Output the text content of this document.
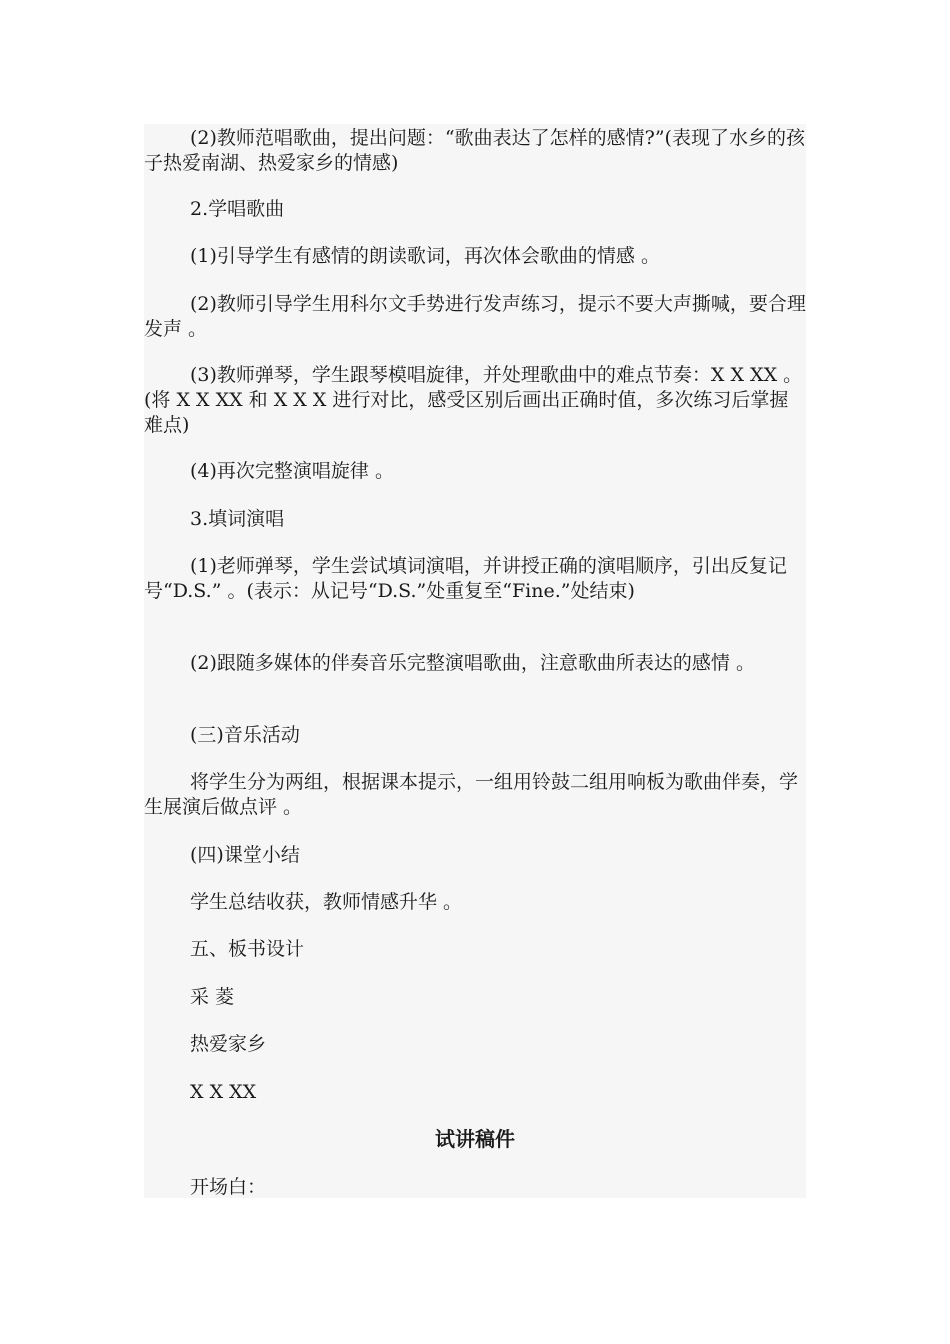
(2)教师范唱歌曲，提出问题：“歌曲表达了怎样的感情?”(表现了水乡的孩子热爱南湖、热爱家乡的情感)

2.学唱歌曲

(1)引导学生有感情的朗读歌词，再次体会歌曲的情感 。

(2)教师引导学生用科尔文手势进行发声练习，提示不要大声撕喊，要合理发声 。

(3)教师弹琴，学生跟琴模唱旋律，并处理歌曲中的难点节奏：X X XX 。(将 X X XX 和 X X X 进行对比，感受区别后画出正确时值，多次练习后掌握难点)

(4)再次完整演唱旋律 。

3.填词演唱

(1)老师弹琴，学生尝试填词演唱，并讲授正确的演唱顺序，引出反复记号“D.S.” 。(表示：从记号“D.S.”处重复至“Fine.”处结束)

(2)跟随多媒体的伴奏音乐完整演唱歌曲，注意歌曲所表达的感情 。

(三)音乐活动

将学生分为两组，根据课本提示，一组用铃鼓二组用响板为歌曲伴奏，学生展演后做点评 。

(四)课堂小结

学生总结收获，教师情感升华 。

五、板书设计

采 菱

热爱家乡

X X XX

试讲稿件

开场白：
